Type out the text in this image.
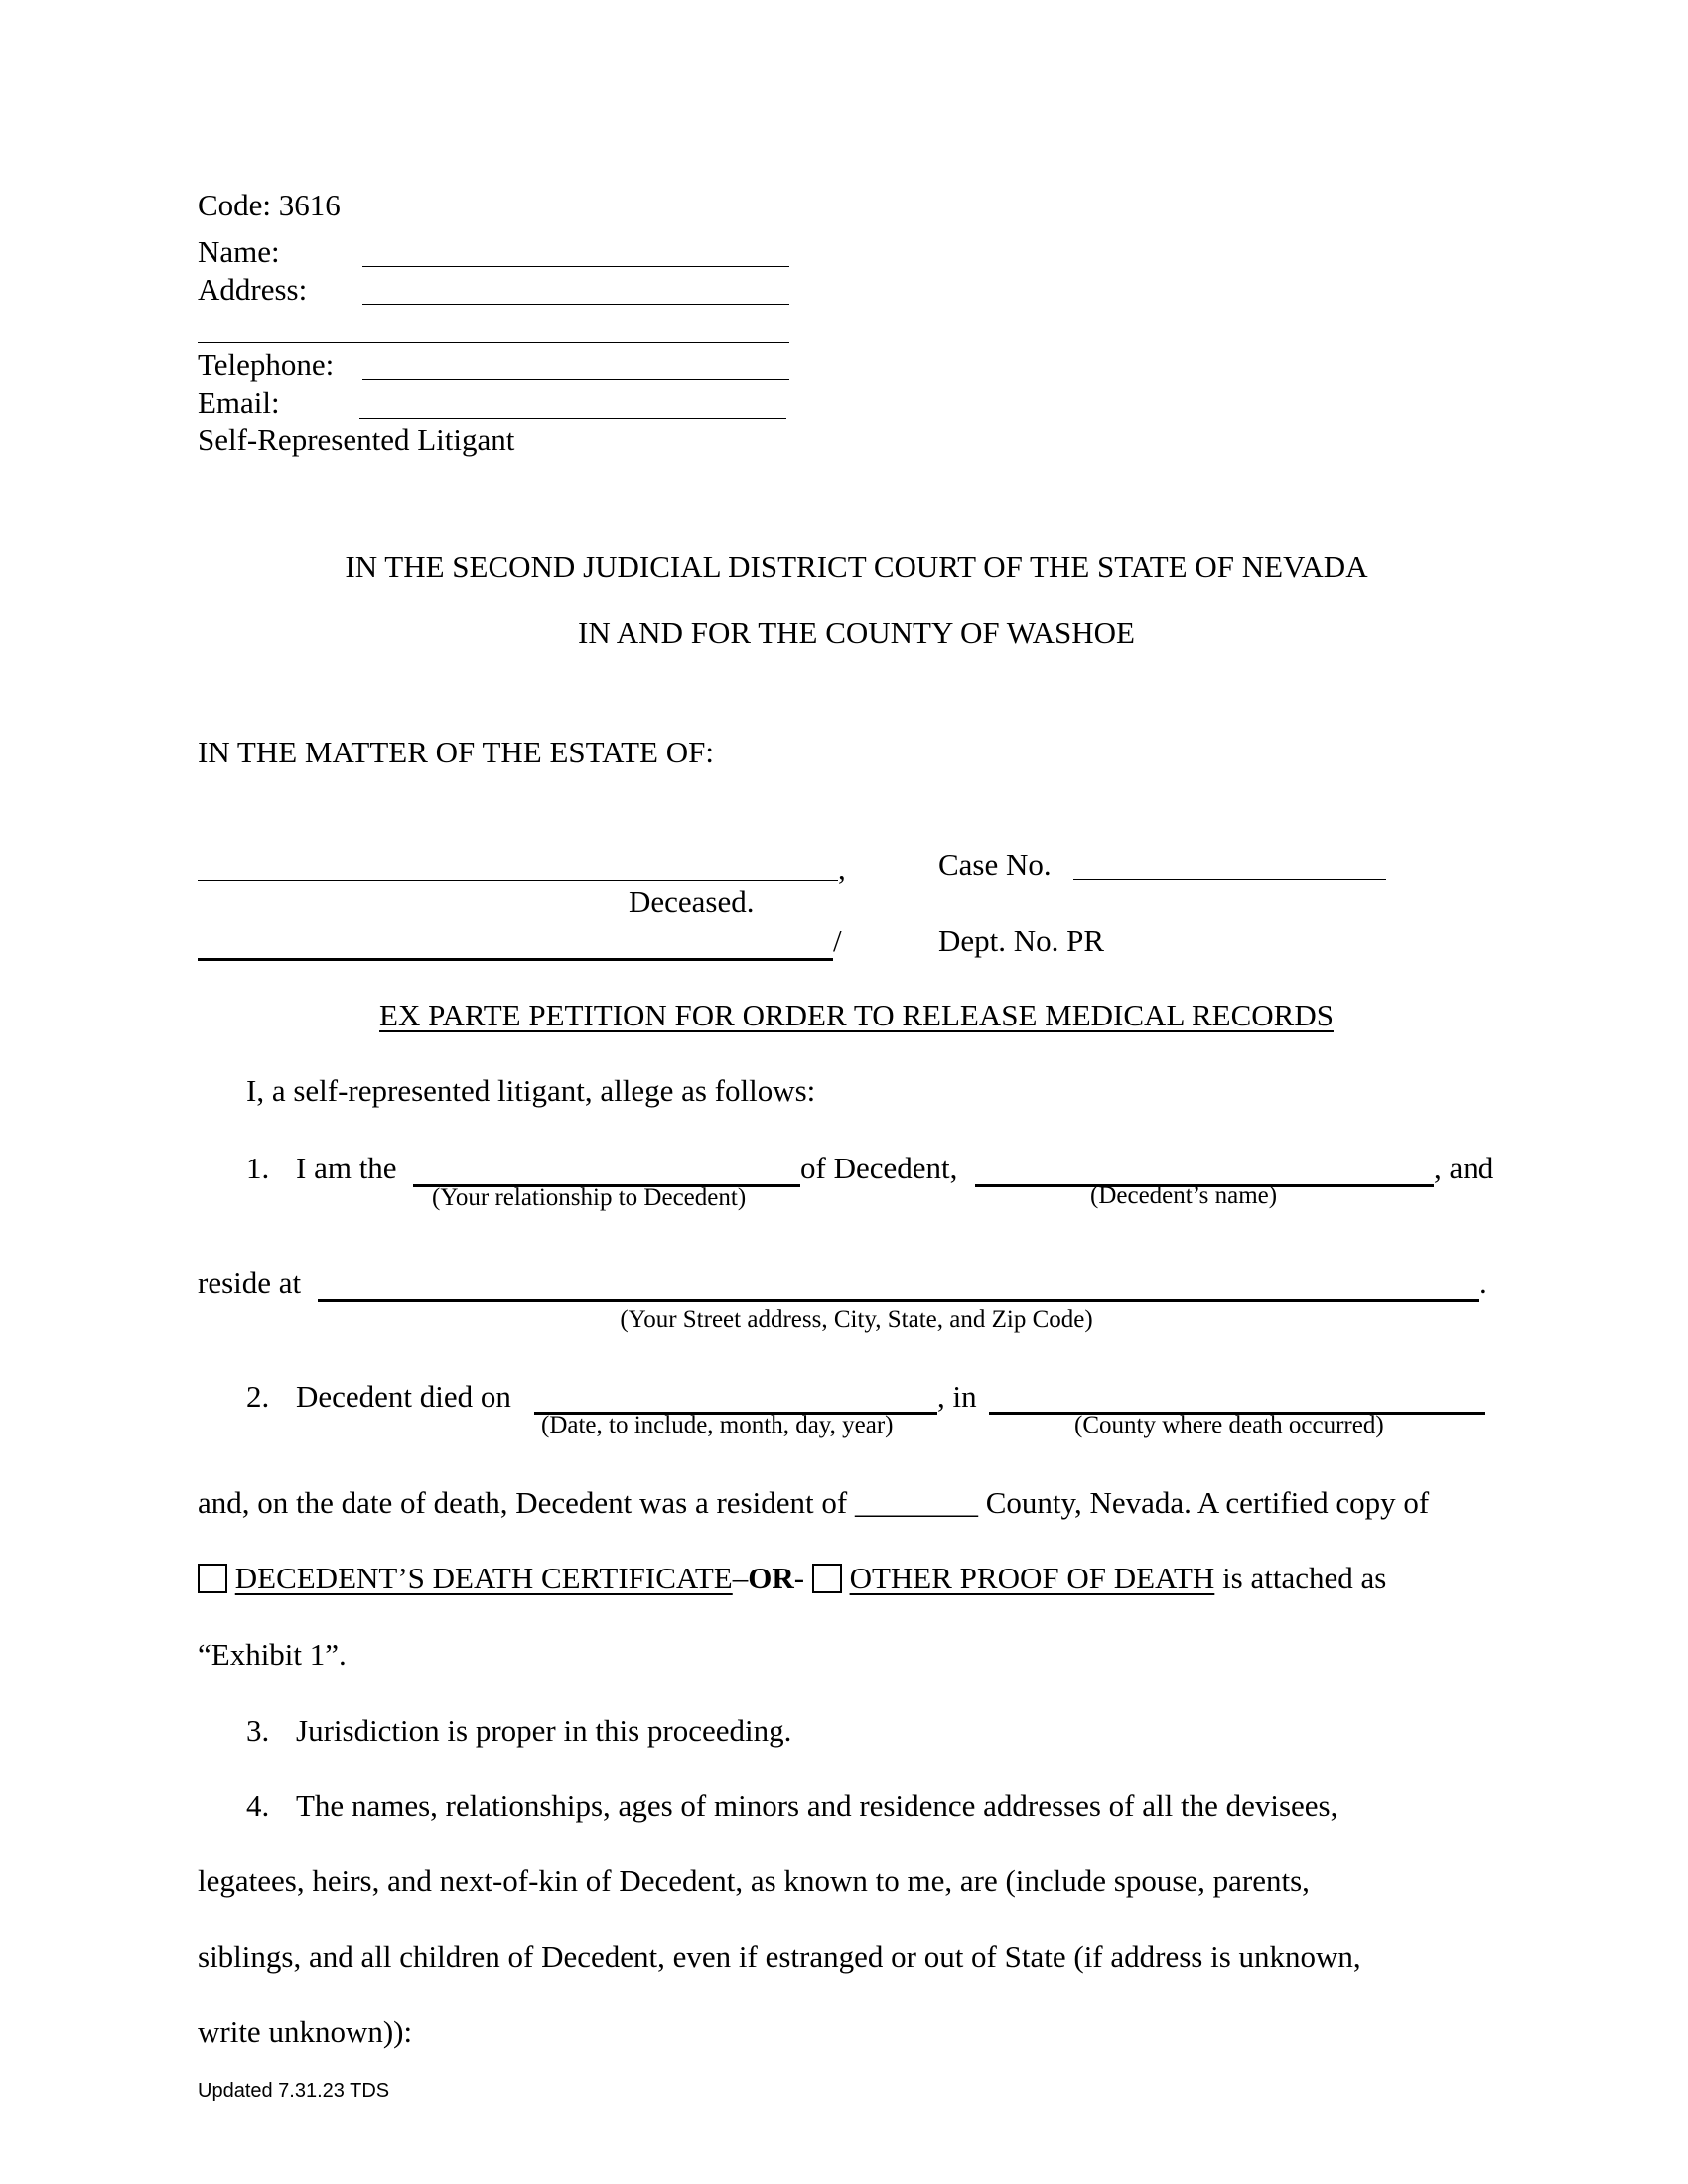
Code: 3616
Name:
Address:
Telephone:
Email:
Self-Represented Litigant
IN THE SECOND JUDICIAL DISTRICT COURT OF THE STATE OF NEVADA
IN AND FOR THE COUNTY OF WASHOE
IN THE MATTER OF THE ESTATE OF:
,	Case No.
Deceased.
/	Dept. No. PR
EX PARTE PETITION FOR ORDER TO RELEASE MEDICAL RECORDS
I, a self-represented litigant, allege as follows:
1. I am the	of Decedent,	, and
(Your relationship to Decedent)	(Decedent’s name)
reside at	.
(Your Street address, City, State, and Zip Code)
2. Decedent died on	, in
(Date, to include, month, day, year)	(County where death occurred)
and, on the date of death, Decedent was a resident of ________ County, Nevada. A certified copy of
DECEDENT’S DEATH CERTIFICATE–OR- OTHER PROOF OF DEATH is attached as
“Exhibit 1”.
3. Jurisdiction is proper in this proceeding.
4. The names, relationships, ages of minors and residence addresses of all the devisees,
legatees, heirs, and next-of-kin of Decedent, as known to me, are (include spouse, parents,
siblings, and all children of Decedent, even if estranged or out of State (if address is unknown,
write unknown)):
Updated 7.31.23 TDS
